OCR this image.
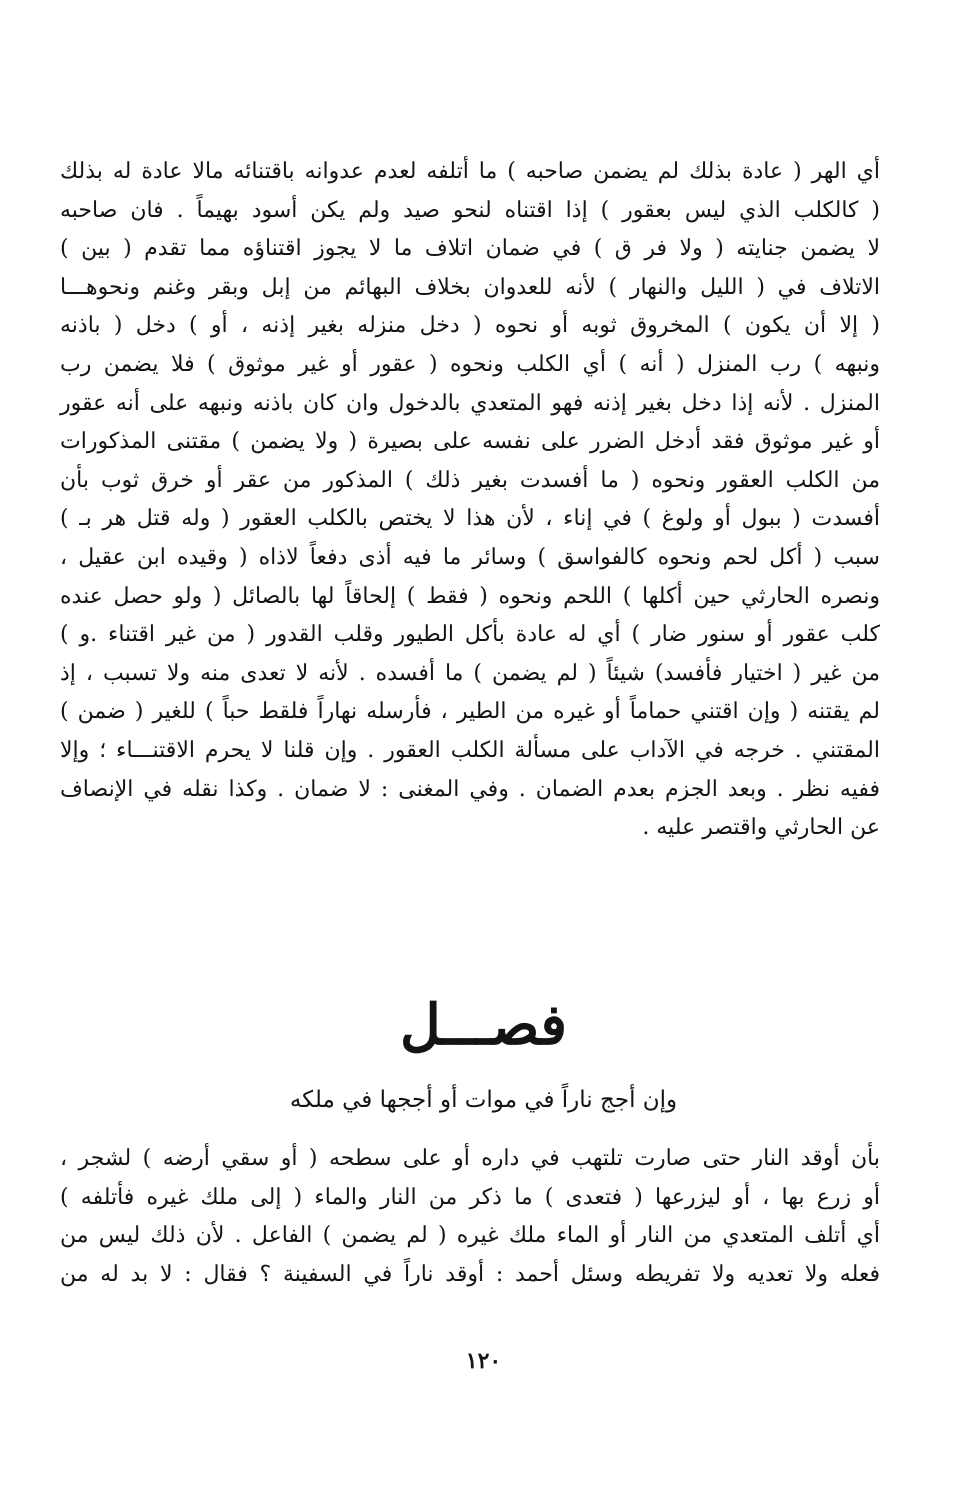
أي الهر ( عادة بذلك لم يضمن صاحبه ) ما أتلفه لعدم عدوانه باقتنائه مالا عادة له بذلك
( كالكلب الذي ليس بعقور ) إذا اقتناه لنحو صيد ولم يكن أسود بهيماً . فان صاحبه
لا يضمن جنايته ( ولا فر ق ) في ضمان اتلاف ما لا يجوز اقتناؤه مما تقدم ( بين )
الاتلاف في ( الليل والنهار ) لأنه للعدوان بخلاف البهائم من إبل وبقر وغنم ونحوهـــا
( إلا أن يكون ) المخروق ثوبه أو نحوه ( دخل منزله بغير إذنه ، أو ) دخل ( باذنه
ونبهه ) رب المنزل ( أنه ) أي الكلب ونحوه ( عقور أو غير موثوق ) فلا يضمن رب
المنزل . لأنه إذا دخل بغير إذنه فهو المتعدي بالدخول وان كان باذنه ونبهه على أنه عقور
أو غير موثوق فقد أدخل الضرر على نفسه على بصيرة ( ولا يضمن ) مقتنى المذكورات
من الكلب العقور ونحوه ( ما أفسدت بغير ذلك ) المذكور من عقر أو خرق ثوب بأن
أفسدت ( ببول أو ولوغ ) في إناء ، لأن هذا لا يختص بالكلب العقور ( وله قتل هر بـ )
سبب ( أكل لحم ونحوه كالفواسق ) وسائر ما فيه أذى دفعاً لاذاه ( وقيده ابن عقيل ،
ونصره الحارثي حين أكلها ) اللحم ونحوه ( فقط ) إلحاقاً لها بالصائل ( ولو حصل عنده
كلب عقور أو سنور ضار ) أي له عادة بأكل الطيور وقلب القدور ( من غير اقتناء .و )
من غير ( اختيار فأفسد) شيئاً ( لم يضمن ) ما أفسده . لأنه لا تعدى منه ولا تسبب ، إذ
لم يقتنه ( وإن اقتني حماماً أو غيره من الطير ، فأرسله نهاراً فلقط حباً ) للغير ( ضمن )
المقتني . خرجه في الآداب على مسألة الكلب العقور . وإن قلنا لا يحرم الاقتنـــاء ؛ وإلا
ففيه نظر . وبعد الجزم بعدم الضمان . وفي المغنى : لا ضمان . وكذا نقله في الإنصاف
عن الحارثي واقتصر عليه .
فصـــل
وإن أجج ناراً في موات أو أججها في ملكه
بأن أوقد النار حتى صارت تلتهب في داره أو على سطحه ( أو سقي أرضه ) لشجر ،
أو زرع بها ، أو ليزرعها ( فتعدى ) ما ذكر من النار والماء ( إلى ملك غيره فأتلفه )
أي أتلف المتعدي من النار أو الماء ملك غيره ( لم يضمن ) الفاعل . لأن ذلك ليس من
فعله ولا تعديه ولا تفريطه وسئل أحمد : أوقد ناراً في السفينة ؟ فقال : لا بد له من
١٢٠
